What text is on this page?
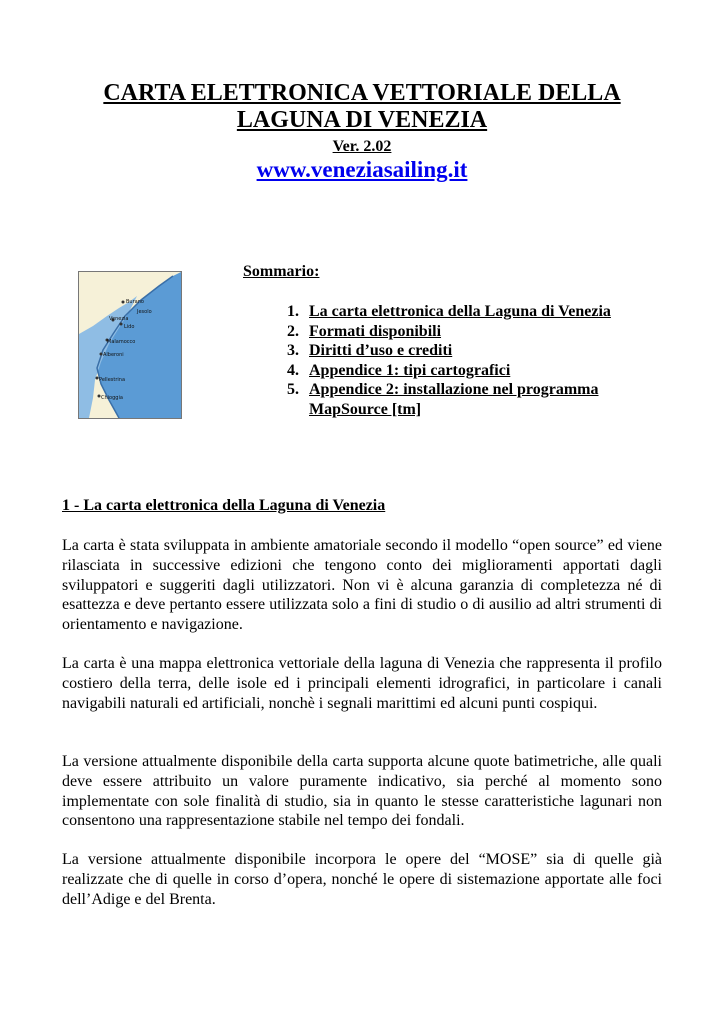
CARTA ELETTRONICA VETTORIALE DELLA
LAGUNA DI VENEZIA
Ver. 2.02
www.veneziasailing.it
Burano
Jesolo
Venezia
Lido
Malamocco
Alberoni
Pellestrina
Chioggia
Sommario:
1. La carta elettronica della Laguna di Venezia
2. Formati disponibili
3. Diritti d’uso e crediti
4. Appendice 1: tipi cartografici
5. Appendice 2: installazione nel programma MapSource [tm]
1 - La carta elettronica della Laguna di Venezia

La carta è stata sviluppata in ambiente amatoriale secondo il modello “open source” ed viene rilasciata in successive edizioni che tengono conto dei miglioramenti apportati dagli sviluppatori e suggeriti dagli utilizzatori. Non vi è alcuna garanzia di completezza né di esattezza e deve pertanto essere utilizzata solo a fini di studio o di ausilio ad altri strumenti di orientamento e navigazione.

La carta è una mappa elettronica vettoriale della laguna di Venezia che rappresenta il profilo costiero della terra, delle isole ed i principali elementi idrografici, in particolare i canali navigabili naturali ed artificiali, nonchè i segnali marittimi ed alcuni punti cospiqui.

La versione attualmente disponibile della carta supporta alcune quote batimetriche, alle quali deve essere attribuito un valore puramente indicativo, sia perché al momento sono implementate con sole finalità di studio, sia in quanto le stesse caratteristiche lagunari non consentono una rappresentazione stabile nel tempo dei fondali.

La versione attualmente disponibile incorpora le opere del “MOSE” sia di quelle già realizzate che di quelle in corso d’opera, nonché le opere di sistemazione apportate alle foci dell’Adige e del Brenta.
